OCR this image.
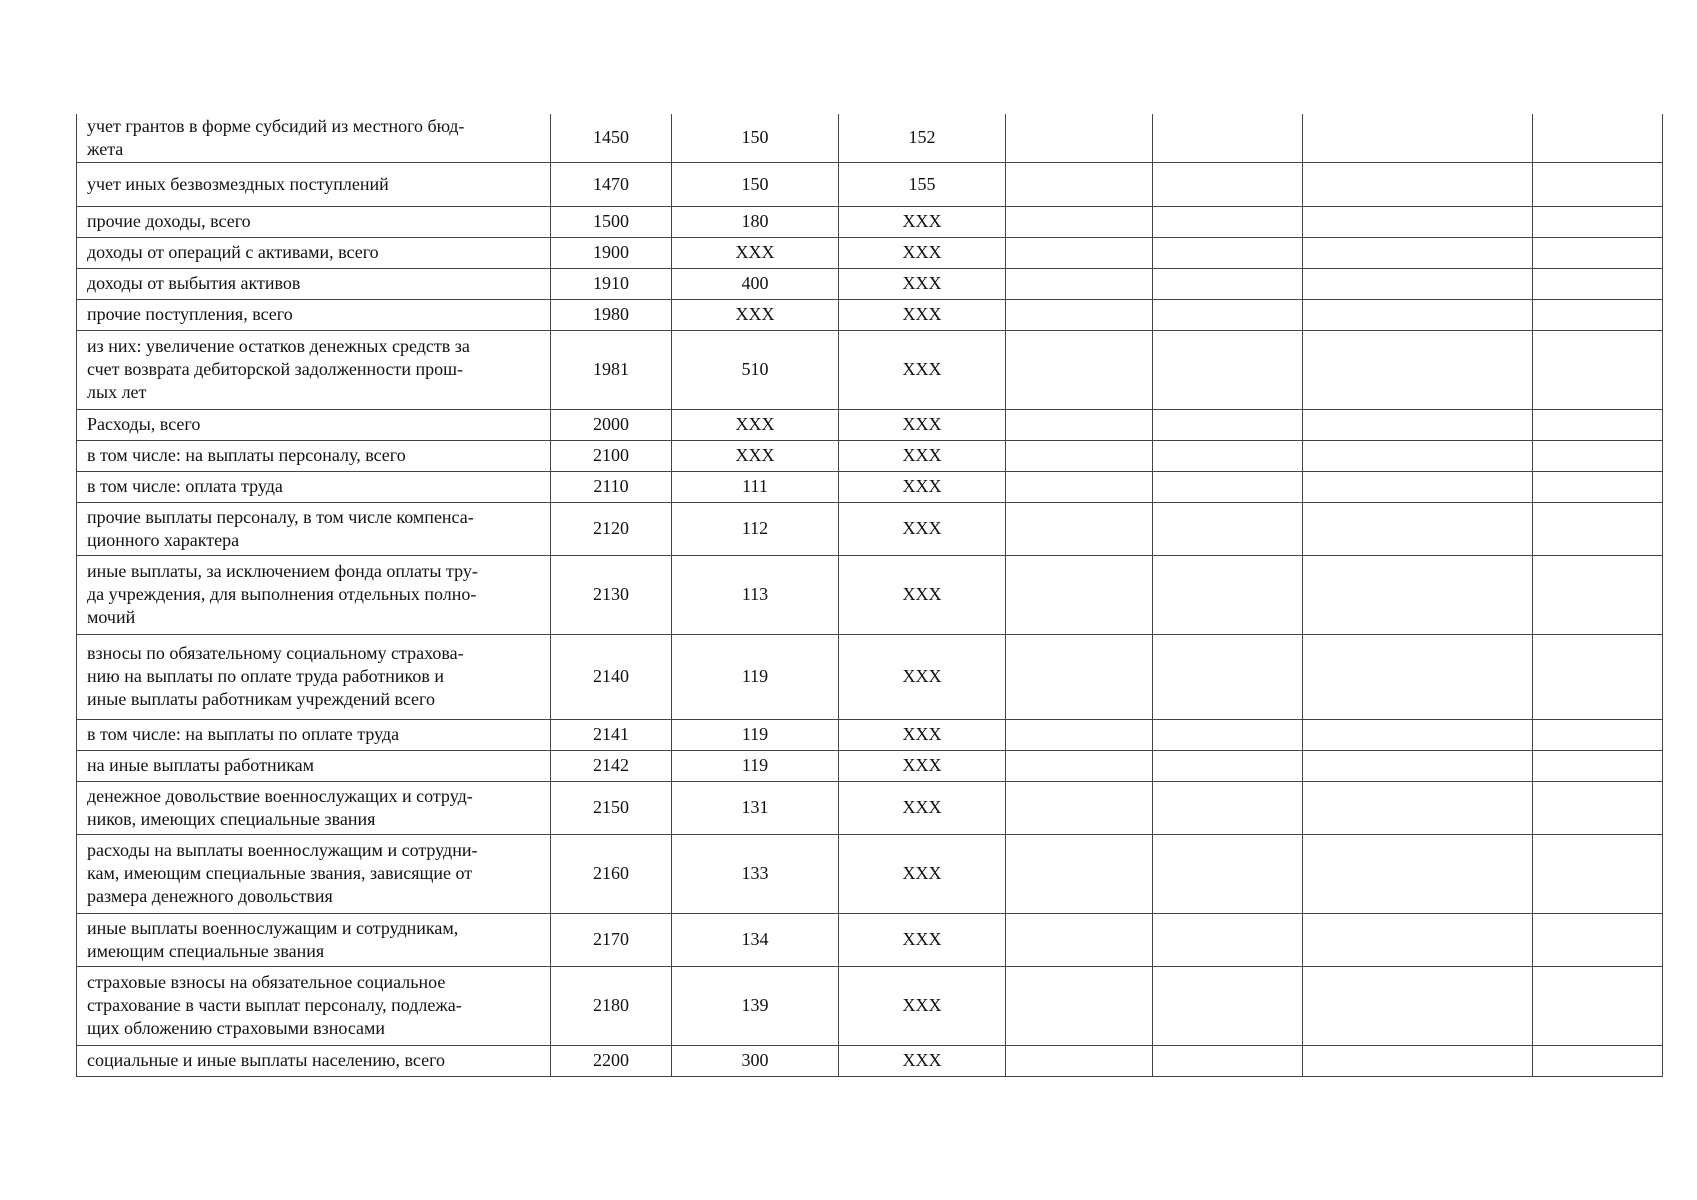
учет грантов в форме субсидий из местного бюд-
жета	1450	150	152				
учет иных безвозмездных поступлений	1470	150	155				
прочие доходы, всего	1500	180	XXX				
доходы от операций с активами, всего	1900	XXX	XXX				
доходы от выбытия активов	1910	400	XXX				
прочие поступления, всего	1980	XXX	XXX				
из них: увеличение остатков денежных средств за
счет возврата дебиторской задолженности прош-
лых лет	1981	510	XXX				
Расходы, всего	2000	XXX	XXX				
в том числе: на выплаты персоналу, всего	2100	XXX	XXX				
в том числе: оплата труда	2110	111	XXX				
прочие выплаты персоналу, в том числе компенса-
ционного характера	2120	112	XXX				
иные выплаты, за исключением фонда оплаты тру-
да учреждения, для выполнения отдельных полно-
мочий	2130	113	XXX				
взносы по обязательному социальному страхова-
нию на выплаты по оплате труда работников и
иные выплаты работникам учреждений всего	2140	119	XXX				
в том числе: на выплаты по оплате труда	2141	119	XXX				
на иные выплаты работникам	2142	119	XXX				
денежное довольствие военнослужащих и сотруд-
ников, имеющих специальные звания	2150	131	XXX				
расходы на выплаты военнослужащим и сотрудни-
кам, имеющим специальные звания, зависящие от
размера денежного довольствия	2160	133	XXX				
иные выплаты военнослужащим и сотрудникам,
имеющим специальные звания	2170	134	XXX				
страховые взносы на обязательное социальное
страхование в части выплат персоналу, подлежа-
щих обложению страховыми взносами	2180	139	XXX				
социальные и иные выплаты населению, всего	2200	300	XXX				
